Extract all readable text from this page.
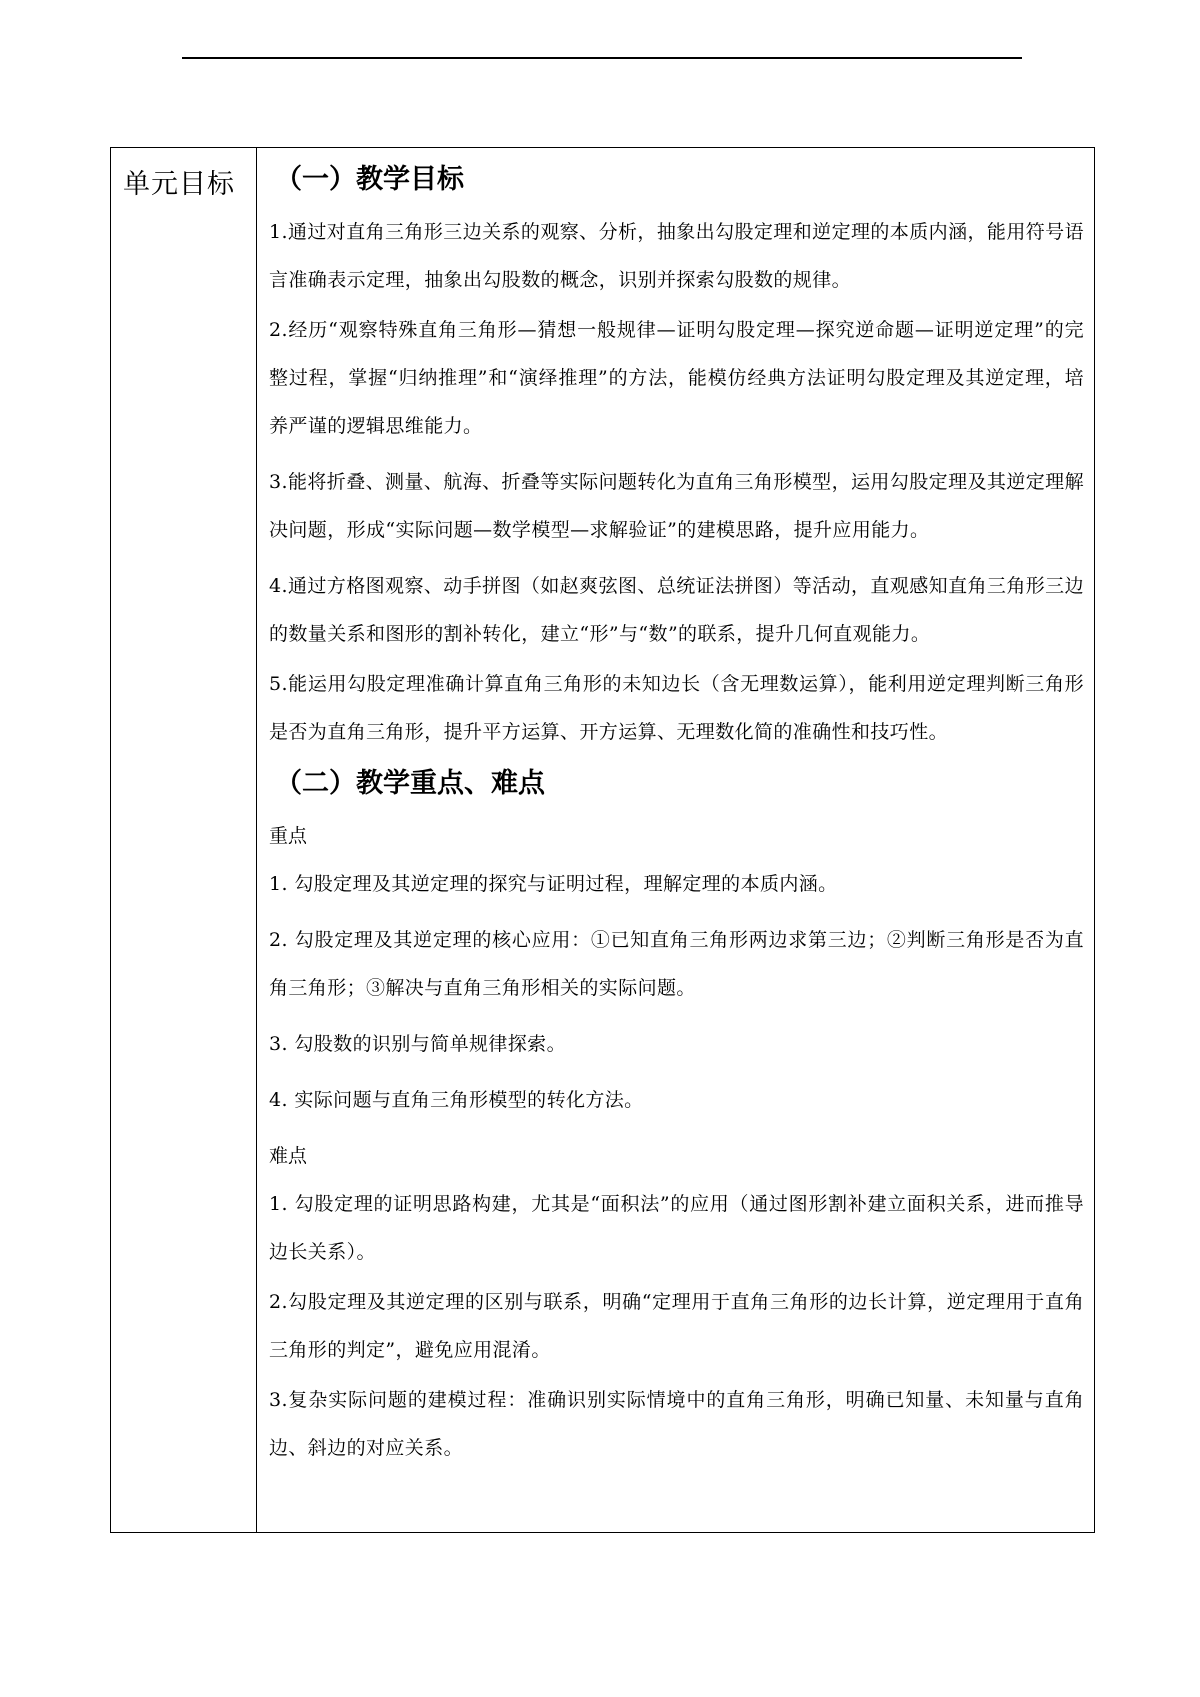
单元目标	（一）教学目标

1.通过对直角三角形三边关系的观察、分析，抽象出勾股定理和逆定理的本质内涵，能用符号语言准确表示定理，抽象出勾股数的概念，识别并探索勾股数的规律。

2.经历“观察特殊直角三角形—猜想一般规律—证明勾股定理—探究逆命题—证明逆定理”的完整过程，掌握“归纳推理”和“演绎推理”的方法，能模仿经典方法证明勾股定理及其逆定理，培养严谨的逻辑思维能力。

3.能将折叠、测量、航海、折叠等实际问题转化为直角三角形模型，运用勾股定理及其逆定理解决问题，形成“实际问题—数学模型—求解验证”的建模思路，提升应用能力。

4.通过方格图观察、动手拼图（如赵爽弦图、总统证法拼图）等活动，直观感知直角三角形三边的数量关系和图形的割补转化，建立“形”与“数”的联系，提升几何直观能力。

5.能运用勾股定理准确计算直角三角形的未知边长（含无理数运算），能利用逆定理判断三角形是否为直角三角形，提升平方运算、开方运算、无理数化简的准确性和技巧性。

（二）教学重点、难点

重点

1. 勾股定理及其逆定理的探究与证明过程，理解定理的本质内涵。

2. 勾股定理及其逆定理的核心应用：①已知直角三角形两边求第三边；②判断三角形是否为直角三角形；③解决与直角三角形相关的实际问题。

3. 勾股数的识别与简单规律探索。

4. 实际问题与直角三角形模型的转化方法。

难点

1. 勾股定理的证明思路构建，尤其是“面积法”的应用（通过图形割补建立面积关系，进而推导边长关系）。

2.勾股定理及其逆定理的区别与联系，明确“定理用于直角三角形的边长计算，逆定理用于直角三角形的判定”，避免应用混淆。

3.复杂实际问题的建模过程：准确识别实际情境中的直角三角形，明确已知量、未知量与直角边、斜边的对应关系。
